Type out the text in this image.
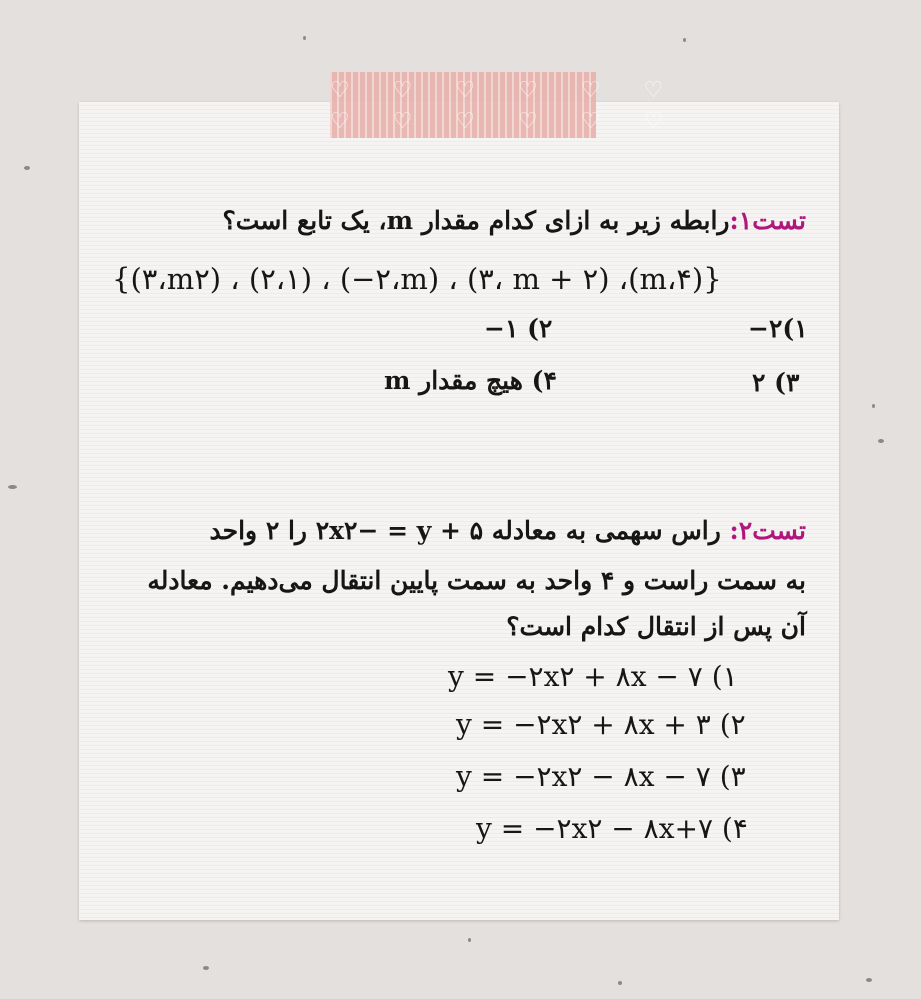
♡ ♡ ♡ ♡ ♡ ♡
♡ ♡ ♡ ♡ ♡ ♡
تست۱:رابطه زیر به ازای کدام مقدار m، یک تابع است؟
{(۳،m۲) ، (۲،۱) ، (−۲،m) ، (۳، m + ۲) ،(m،۴)}
−۲(۱
−۱ (۲
۲ (۳
۴) هیچ مقدار m
تست۲: راس سهمی به معادله ۵ + ۲x۲− = y را ۲ واحد
به سمت راست و ۴ واحد به سمت پایین انتقال می‌دهیم. معادله
آن پس از انتقال کدام است؟
y = −۲x۲ + ۸x − ۷ (۱
y = −۲x۲ + ۸x + ۳ (۲
y = −۲x۲ − ۸x − ۷ (۳
y = −۲x۲ − ۸x+۷ (۴
